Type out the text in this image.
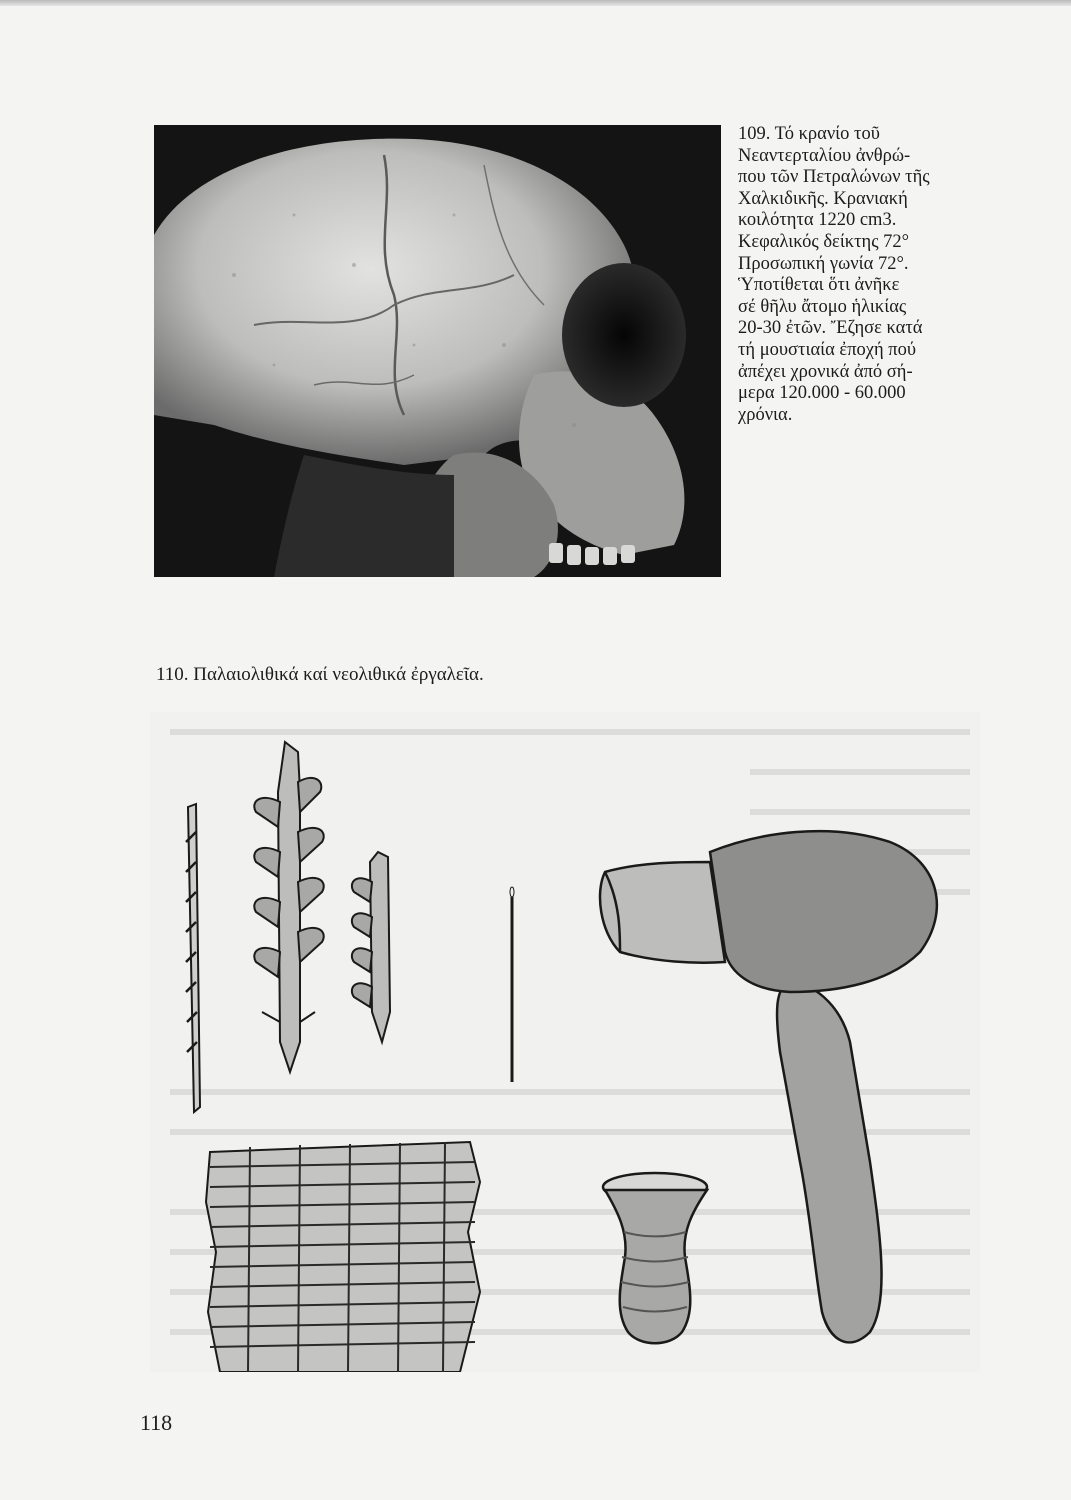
109. Τό κρανίο τοῦ
Νεαντερταλίου ἀνθρώ-
που τῶν Πετραλώνων τῆς
Χαλκιδικῆς. Κρανιακή
κοιλότητα 1220 cm3.
Κεφαλικός δείκτης 72°
Προσωπική γωνία 72°.
Ὑποτίθεται ὅτι ἀνῆκε
σέ θῆλυ ἄτομο ἡλικίας
20-30 ἐτῶν. Ἔζησε κατά
τή μουστιαία ἐποχή πού
ἀπέχει χρονικά ἀπό σή-
μερα 120.000 - 60.000
χρόνια.

110. Παλαιολιθικά καί νεολιθικά ἐργαλεῖα.

118
